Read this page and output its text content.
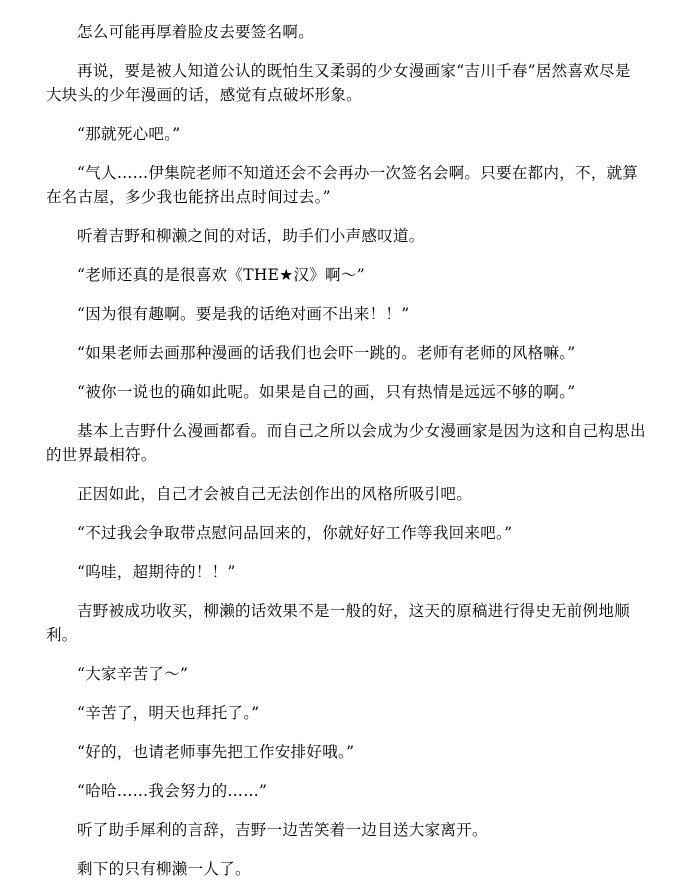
怎么可能再厚着脸皮去要签名啊。

再说，要是被人知道公认的既怕生又柔弱的少女漫画家“吉川千春”居然喜欢尽是大块头的少年漫画的话，感觉有点破坏形象。

“那就死心吧。”

“气人……伊集院老师不知道还会不会再办一次签名会啊。只要在都内，不，就算在名古屋，多少我也能挤出点时间过去。”

听着吉野和柳濑之间的对话，助手们小声感叹道。

“老师还真的是很喜欢《THE★汉》啊～”

“因为很有趣啊。要是我的话绝对画不出来！！”

“如果老师去画那种漫画的话我们也会吓一跳的。老师有老师的风格嘛。”

“被你一说也的确如此呢。如果是自己的画，只有热情是远远不够的啊。”

基本上吉野什么漫画都看。而自己之所以会成为少女漫画家是因为这和自己构思出的世界最相符。

正因如此，自己才会被自己无法创作出的风格所吸引吧。

“不过我会争取带点慰问品回来的，你就好好工作等我回来吧。”

“呜哇，超期待的！！”

吉野被成功收买，柳濑的话效果不是一般的好，这天的原稿进行得史无前例地顺利。

“大家辛苦了～”

“辛苦了，明天也拜托了。”

“好的，也请老师事先把工作安排好哦。”

“哈哈……我会努力的……”

听了助手犀利的言辞，吉野一边苦笑着一边目送大家离开。

剩下的只有柳濑一人了。
